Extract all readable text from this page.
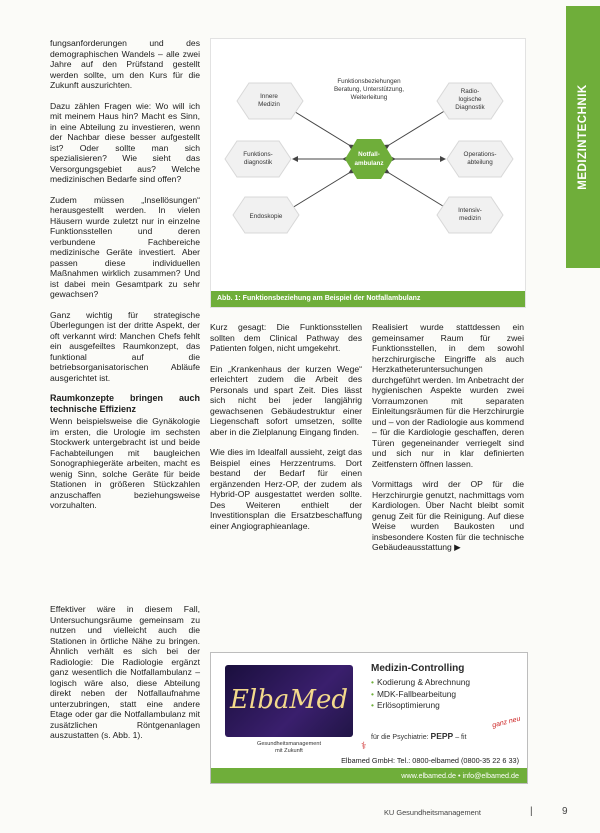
MEDIZINTECHNIK

fungsanforderungen und des demographischen Wandels – alle zwei Jahre auf den Prüfstand gestellt werden sollte, um den Kurs für die Zukunft auszurichten.

Dazu zählen Fragen wie: Wo will ich mit meinem Haus hin? Macht es Sinn, in eine Abteilung zu investieren, wenn der Nachbar diese besser aufgestellt ist? Oder sollte man sich spezialisieren? Wie sieht das Versorgungsgebiet aus? Welche medizinischen Bedarfe sind offen?

Zudem müssen „Insellösungen“ herausgestellt werden. In vielen Häusern wurde zuletzt nur in einzelne Funktionsstellen und deren verbundene Fachbereiche medizinische Geräte investiert. Aber passen diese individuellen Maßnahmen wirklich zusammen? Und ist dabei mein Gesamtpark zu sehr gewachsen?

Ganz wichtig für strategische Überlegungen ist der dritte Aspekt, der oft verkannt wird: Manchen Chefs fehlt ein ausgefeiltes Raumkonzept, das funktional auf die betriebsorganisatorischen Abläufe ausgerichtet ist.

Raumkonzepte bringen auch technische Effizienz

Wenn beispielsweise die Gynäkologie im ersten, die Urologie im sechsten Stockwerk untergebracht ist und beide Fachabteilungen mit baugleichen Sonographiegeräte arbeiten, macht es wenig Sinn, solche Geräte für beide Stationen in größeren Stückzahlen anzuschaffen beziehungsweise vorzuhalten.

Effektiver wäre in diesem Fall, Untersuchungsräume gemeinsam zu nutzen und vielleicht auch die Stationen in örtliche Nähe zu bringen. Ähnlich verhält es sich bei der Radiologie: Die Radiologie ergänzt ganz wesentlich die Notfallambulanz – logisch wäre also, diese Abteilung direkt neben der Notfallaufnahme unterzubringen, statt eine andere Etage oder gar die Notfallambulanz mit zusätzlichen Röntgenanlagen auszustatten (s. Abb. 1).

Innere
Medizin
Funktionsbeziehungen
Beratung, Unterstützung,
Weiterleitung
Radio-
logische
Diagnostik
Funktions-
diagnostik
Notfall-
ambulanz
Operations-
abteilung
Endoskopie
Intensiv-
medizin
Abb. 1: Funktionsbeziehung am Beispiel der Notfallambulanz

Kurz gesagt: Die Funktionsstellen sollten dem Clinical Pathway des Patienten folgen, nicht umgekehrt.

Ein „Krankenhaus der kurzen Wege“ erleichtert zudem die Arbeit des Personals und spart Zeit. Dies lässt sich nicht bei jeder langjährig gewachsenen Gebäudestruktur einer Liegenschaft sofort umsetzen, sollte aber in die Zielplanung Eingang finden.

Wie dies im Idealfall aussieht, zeigt das Beispiel eines Herzzentrums. Dort bestand der Bedarf für einen ergänzenden Herz-OP, der zudem als Hybrid-OP ausgestattet werden sollte. Des Weiteren enthielt der Investitionsplan die Ersatzbeschaffung einer Angiographieanlage.

Realisiert wurde stattdessen ein gemeinsamer Raum für zwei Funktionsstellen, in dem sowohl herzchirurgische Eingriffe als auch Herzkatheteruntersuchungen durchgeführt werden. Im Anbetracht der hygienischen Aspekte wurden zwei Vorraumzonen mit separaten Einleitungsräumen für die Herzchirurgie und – von der Radiologie aus kommend – für die Kardiologie geschaffen, deren Türen gegeneinander verriegelt sind und sich nur in klar definierten Zeitfenstern öffnen lassen.

Vormittags wird der OP für die Herzchirurgie genutzt, nachmittags vom Kardiologen. Über Nacht bleibt somit genug Zeit für die Reinigung. Auf diese Weise wurden Baukosten und insbesondere Kosten für die technische Gebäudeausstattung ▶

ElbaMed
Gesundheitsmanagement
mit Zukunft	⚕
Medizin-Controlling
• Kodierung & Abrechnung
• MDK-Fallbearbeitung
• Erlösoptimierung
für die Psychiatrie: PEPP – fit
ganz neu
Elbamed GmbH: Tel.: 0800-elbamed (0800-35 22 6 33)
www.elbamed.de • info@elbamed.de
KU Gesundheitsmanagement	|	9
